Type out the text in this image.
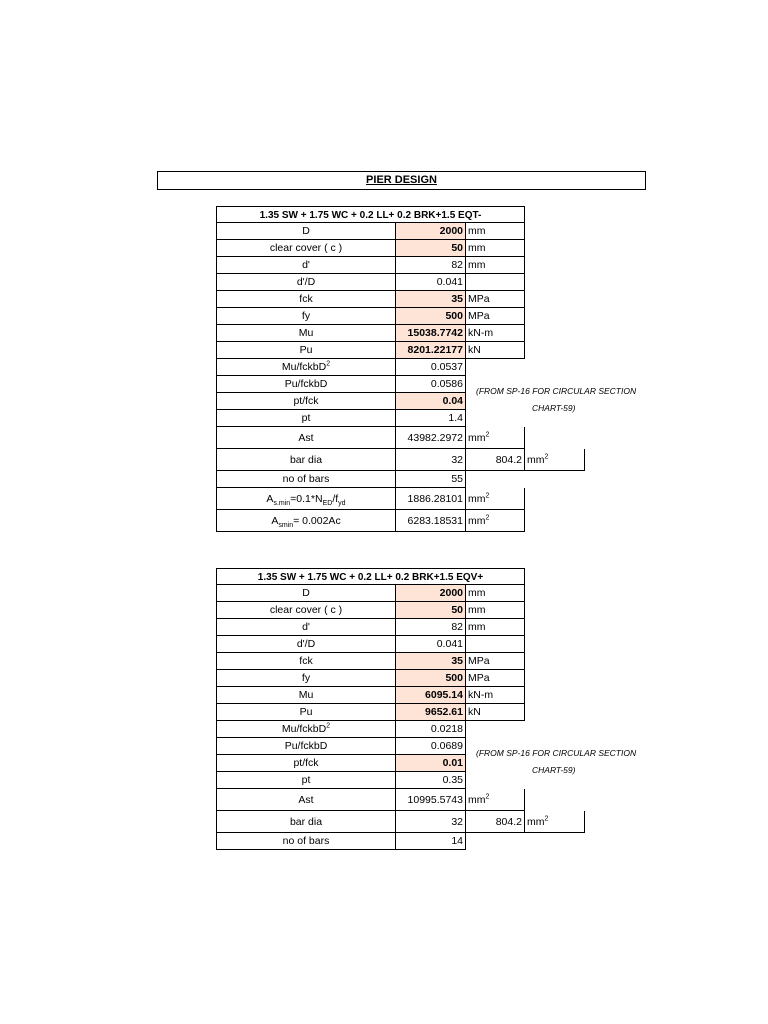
PIER DESIGN
1.35 SW + 1.75 WC + 0.2 LL+ 0.2 BRK+1.5 EQT-
D	2000 mm
clear cover ( c )	50 mm
d'	82 mm
d'/D	0.041
fck	35 MPa
fy	500 MPa
Mu	15038.7742 kN-m
Pu	8201.22177 kN
Mu/fckbD$^2$	0.0537
Pu/fckbD	0.0586
pt/fck	0.04
pt	1.4
Ast	43982.2972 $mm^2$
bar dia	32	804.2 $mm^2$
no of bars	55
$A_{s.min}=0.1*N_{ED}/f_{yd}$	1886.28101 $mm^2$
$A_{smin}= 0.002Ac$	6283.18531 $mm^2$
(FROM SP-16 FOR CIRCULAR SECTION
CHART-59)
1.35 SW + 1.75 WC + 0.2 LL+ 0.2 BRK+1.5 EQV+
D	2000 mm
clear cover ( c )	50 mm
d'	82 mm
d'/D	0.041
fck	35 MPa
fy	500 MPa
Mu	6095.14 kN-m
Pu	9652.61 kN
Mu/fckbD$^2$	0.0218
Pu/fckbD	0.0689
pt/fck	0.01
pt	0.35
Ast	10995.5743 $mm^2$
bar dia	32	804.2 $mm^2$
no of bars	14
(FROM SP-16 FOR CIRCULAR SECTION
CHART-59)
